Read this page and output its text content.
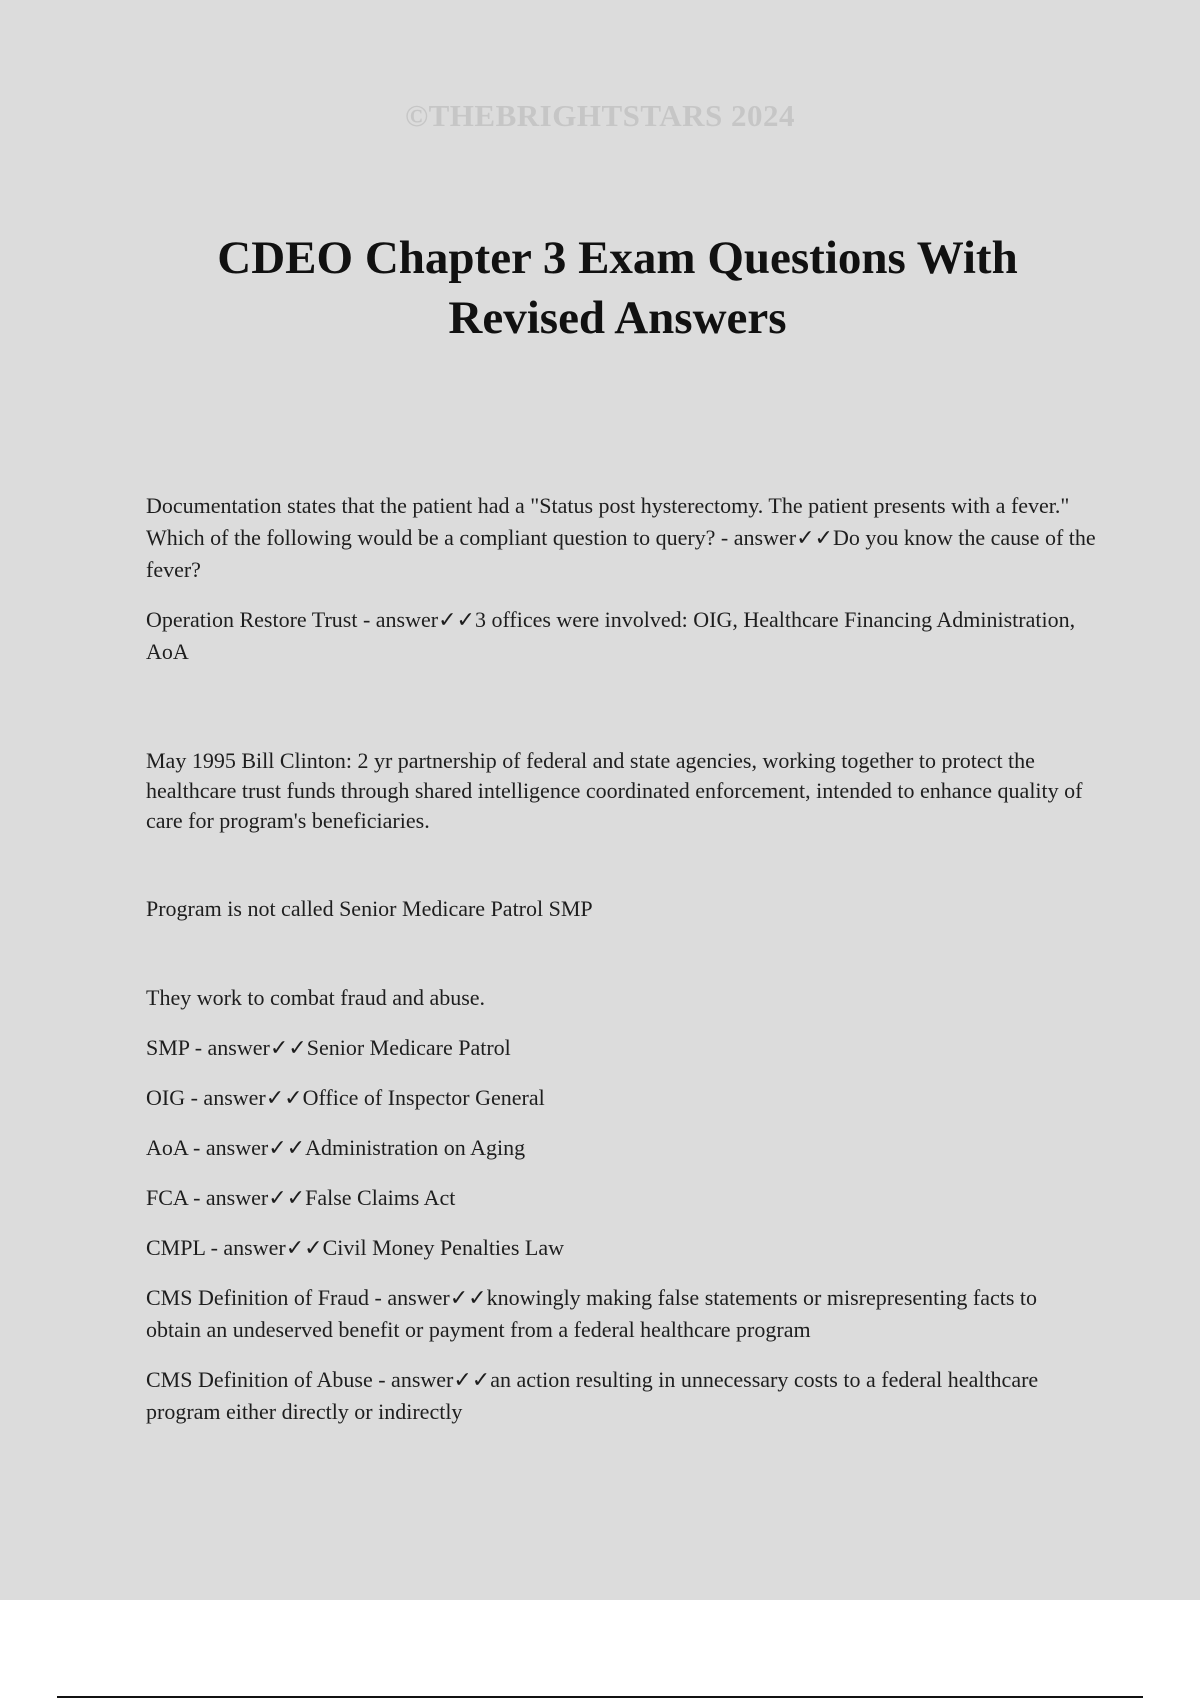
©THEBRIGHTSTARS 2024
CDEO Chapter 3 Exam Questions With Revised Answers

Documentation states that the patient had a "Status post hysterectomy. The patient presents with a fever." Which of the following would be a compliant question to query? - answer✓✓Do you know the cause of the fever?

Operation Restore Trust - answer✓✓3 offices were involved: OIG, Healthcare Financing Administration, AoA

May 1995 Bill Clinton: 2 yr partnership of federal and state agencies, working together to protect the healthcare trust funds through shared intelligence coordinated enforcement, intended to enhance quality of care for program's beneficiaries.

Program is not called Senior Medicare Patrol SMP

They work to combat fraud and abuse.

SMP - answer✓✓Senior Medicare Patrol

OIG - answer✓✓Office of Inspector General

AoA - answer✓✓Administration on Aging

FCA - answer✓✓False Claims Act

CMPL - answer✓✓Civil Money Penalties Law

CMS Definition of Fraud - answer✓✓knowingly making false statements or misrepresenting facts to obtain an undeserved benefit or payment from a federal healthcare program

CMS Definition of Abuse - answer✓✓an action resulting in unnecessary costs to a federal healthcare program either directly or indirectly
